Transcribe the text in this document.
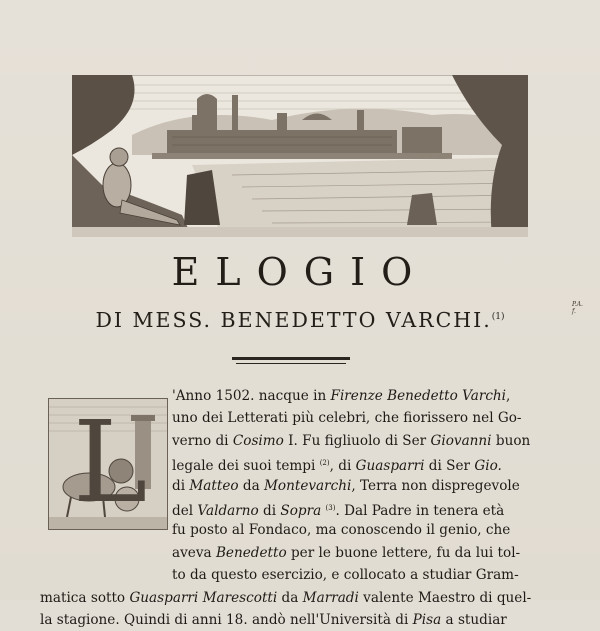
P.A. f.
ELOGIO
DI MESS. BENEDETTO VARCHI.$^{(1)}$
L
'Anno 1502. nacque in Firenze Benedetto Varchi,
uno dei Letterati più celebri, che fiorissero nel Go-
verno di Cosimo I. Fu figliuolo di Ser Giovanni buon
legale dei suoi tempi $^{(2)}$, di Guasparri di Ser Gio.
di Matteo da Montevarchi, Terra non dispregevole
del Valdarno di Sopra $^{(3)}$. Dal Padre in tenera età
fu posto al Fondaco, ma conoscendo il genio, che
aveva Benedetto per le buone lettere, fu da lui tol-
to da questo esercizio, e collocato a studiar Gram-
matica sotto Guasparri Marescotti da Marradi valente Maestro di quel-
la stagione. Quindi di anni 18. andò nell'Università di Pisa a studiar
